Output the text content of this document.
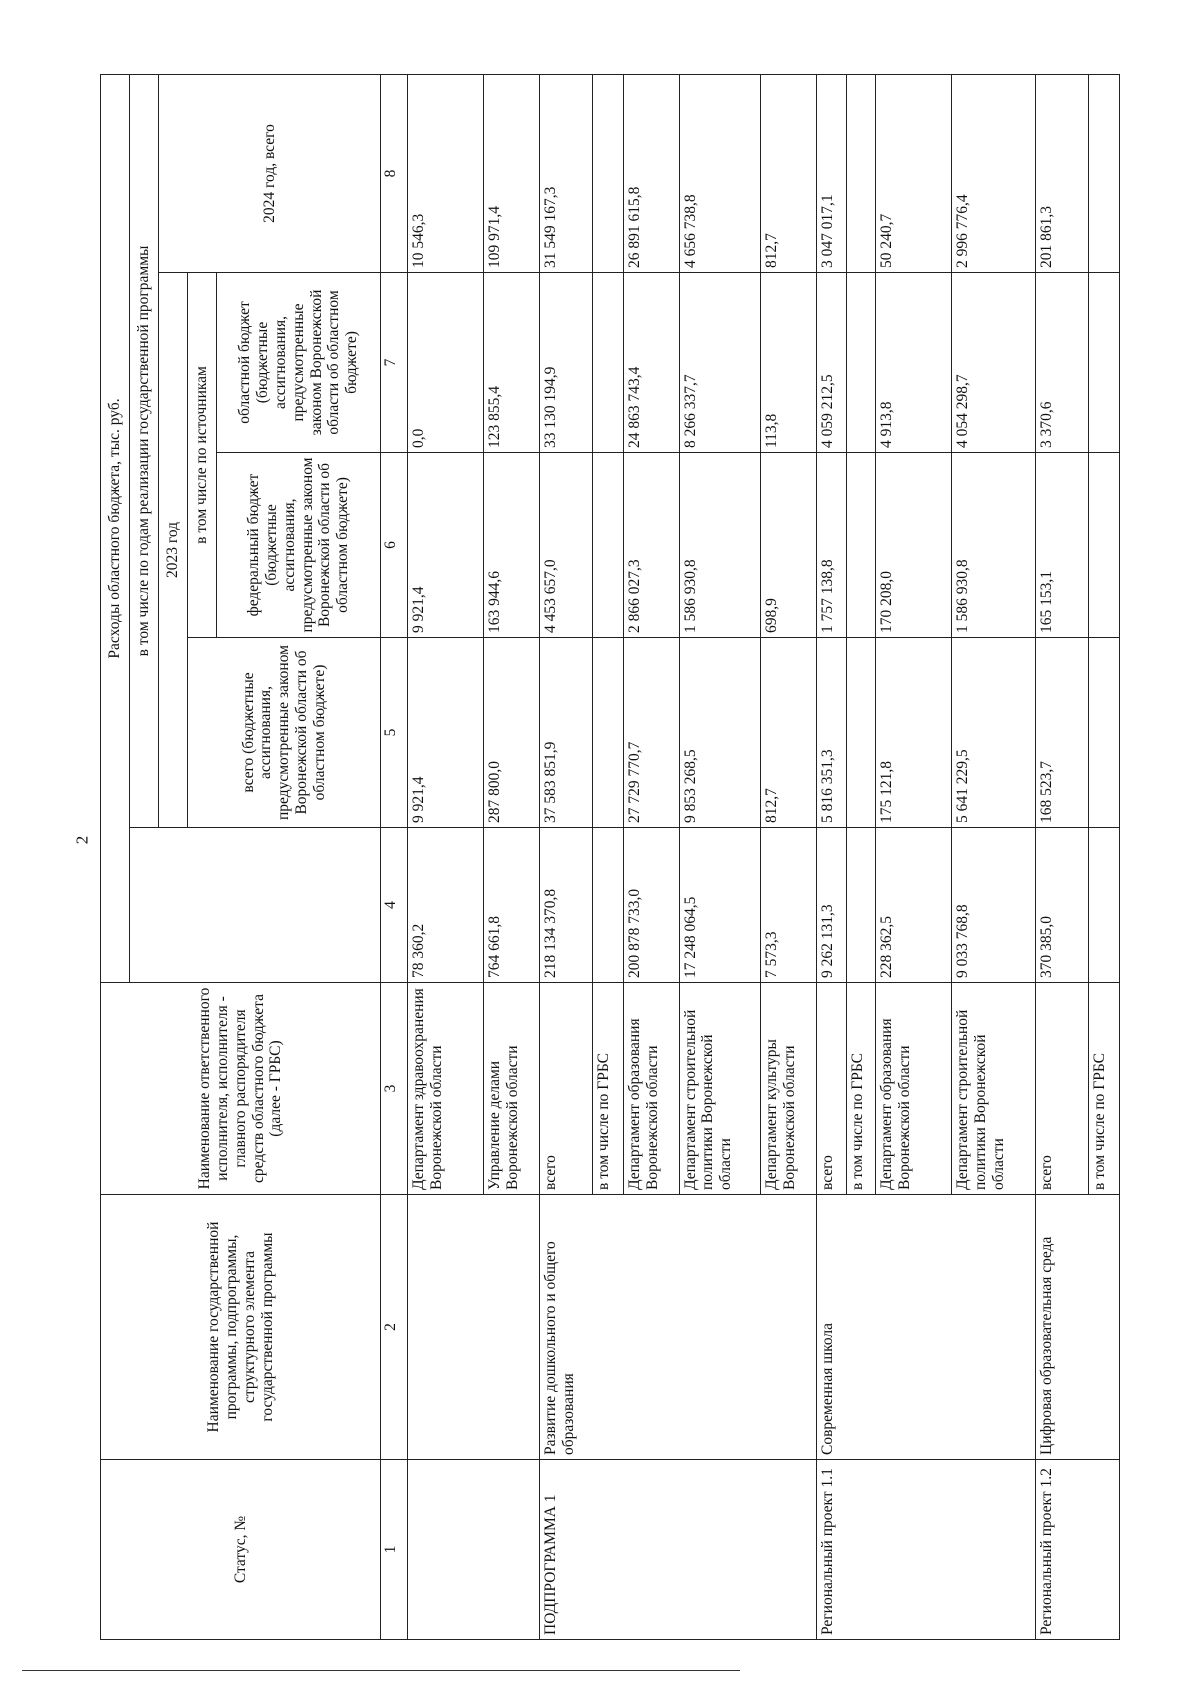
2
Статус, №	Наименование государственной программы, подпрограммы, структурного элемента государственной программы	Наименование ответственного исполнителя, исполнителя - главного распорядителя средств областного бюджета (далее - ГРБС)	Расходы областного бюджета, тыс. руб.				
				в том числе по годам реализации государственной программы			
				2023 год			2024 год, всего
				всего (бюджетные ассигнования, предусмотренные законом Воронежской области об областном бюджете)	в том числе по источникам		
					федеральный бюджет (бюджетные ассигнования, предусмотренные законом Воронежской области об областном бюджете)	областной бюджет (бюджетные ассигнования, предусмотренные законом Воронежской области об областном бюджете)	
1	2	3	4	5	6	7	8
		Департамент здравоохранения Воронежской области	78 360,2	9 921,4	9 921,4	0,0	10 546,3
		Управление делами Воронежской области	764 661,8	287 800,0	163 944,6	123 855,4	109 971,4
ПОДПРОГРАММА 1	Развитие дошкольного и общего образования	всего	218 134 370,8	37 583 851,9	4 453 657,0	33 130 194,9	31 549 167,3
		в том числе по ГРБС					
		Департамент образования Воронежской области	200 878 733,0	27 729 770,7	2 866 027,3	24 863 743,4	26 891 615,8
		Департамент строительной политики Воронежской области	17 248 064,5	9 853 268,5	1 586 930,8	8 266 337,7	4 656 738,8
		Департамент культуры Воронежской области	7 573,3	812,7	698,9	113,8	812,7
Региональный проект 1.1	Современная школа	всего	9 262 131,3	5 816 351,3	1 757 138,8	4 059 212,5	3 047 017,1
		в том числе по ГРБС					
		Департамент образования Воронежской области	228 362,5	175 121,8	170 208,0	4 913,8	50 240,7
		Департамент строительной политики Воронежской области	9 033 768,8	5 641 229,5	1 586 930,8	4 054 298,7	2 996 776,4
Региональный проект 1.2	Цифровая образовательная среда	всего	370 385,0	168 523,7	165 153,1	3 370,6	201 861,3
		в том числе по ГРБС					
